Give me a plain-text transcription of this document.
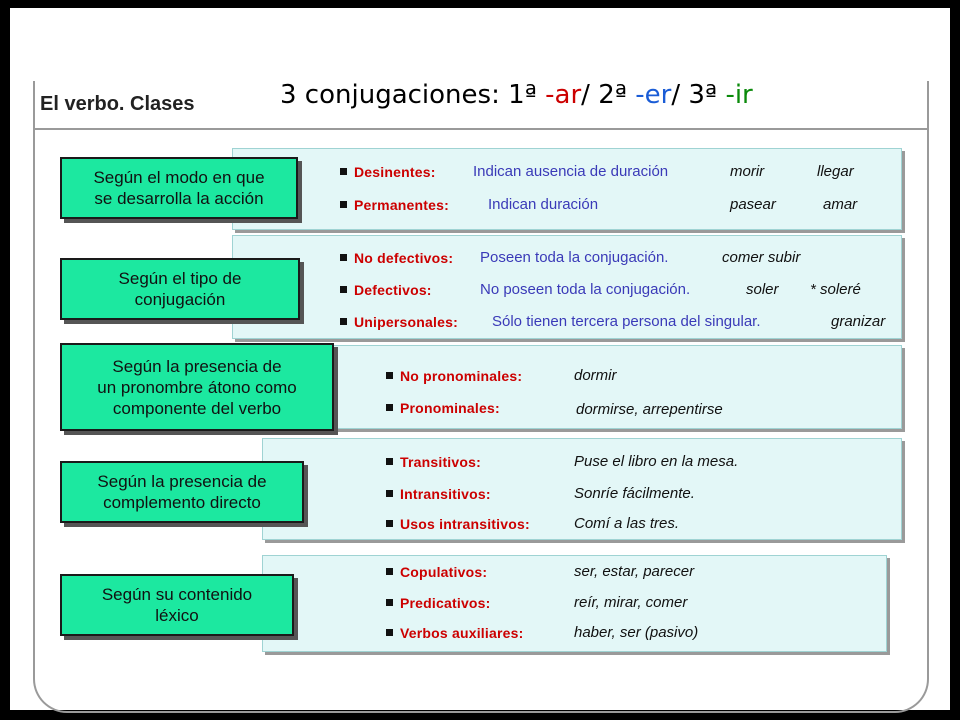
El verbo. Clases	3 conjugaciones: 1ª -ar/ 2ª -er/ 3ª -ir
Según el modo en que
se desarrolla la acción
Desinentes: Indican ausencia de duración	morir	llegar
Permanentes:	Indican duración	pasear	amar
Según el tipo de
conjugación
No defectivos: Poseen toda la conjugación.	comer subir
Defectivos:	No poseen toda la conjugación.	soler * soleré
Unipersonales: Sólo tienen tercera persona del singular.	granizar
Según la presencia de
un pronombre átono como
componente del verbo
No pronominales:	dormir
Pronominales:	dormirse, arrepentirse
Según la presencia de
complemento directo
Transitivos:	Puse el libro en la mesa.
Intransitivos:	Sonríe fácilmente.
Usos intransitivos:	Comí a las tres.
Según su contenido
léxico
Copulativos:	ser, estar, parecer
Predicativos:	reír, mirar, comer
Verbos auxiliares:	haber, ser (pasivo)
